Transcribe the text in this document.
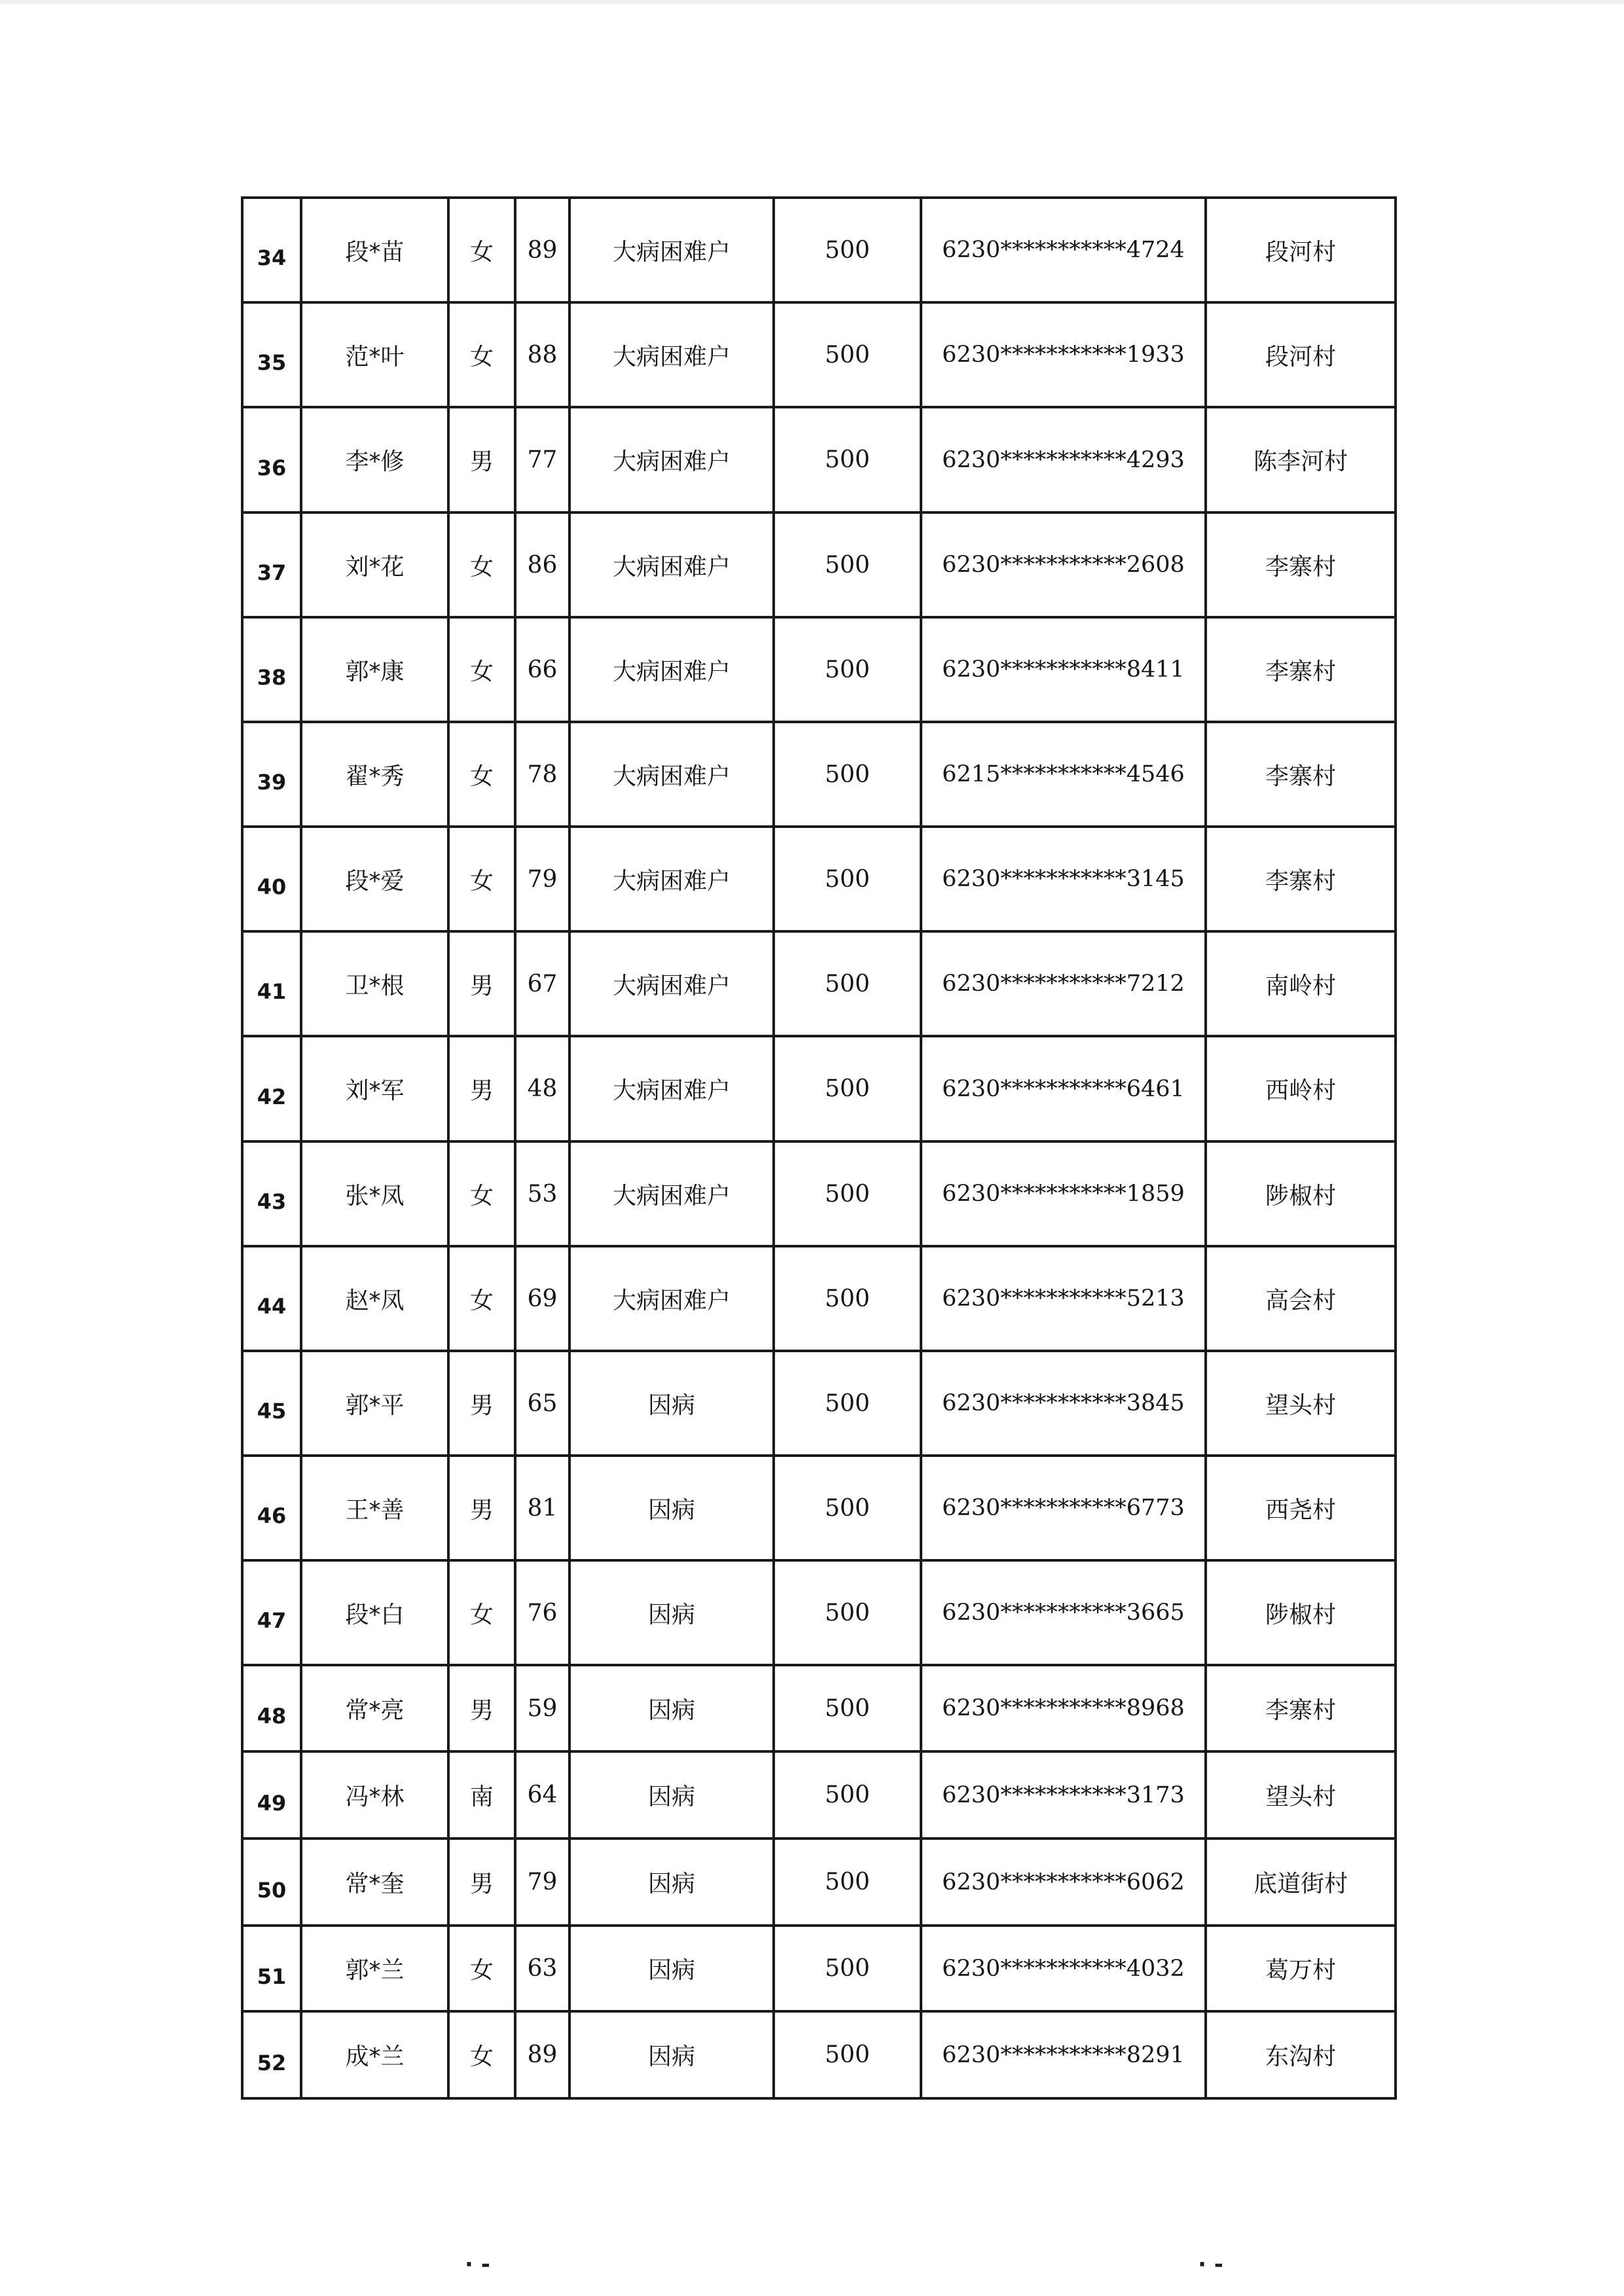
34	段*苗	女	89	大病困难户	500	6230***********4724	段河村
35	范*叶	女	88	大病困难户	500	6230***********1933	段河村
36	李*修	男	77	大病困难户	500	6230***********4293	陈李河村
37	刘*花	女	86	大病困难户	500	6230***********2608	李寨村
38	郭*康	女	66	大病困难户	500	6230***********8411	李寨村
39	翟*秀	女	78	大病困难户	500	6215***********4546	李寨村
40	段*爱	女	79	大病困难户	500	6230***********3145	李寨村
41	卫*根	男	67	大病困难户	500	6230***********7212	南岭村
42	刘*军	男	48	大病困难户	500	6230***********6461	西岭村
43	张*凤	女	53	大病困难户	500	6230***********1859	陟椒村
44	赵*凤	女	69	大病困难户	500	6230***********5213	高会村
45	郭*平	男	65	因病	500	6230***********3845	望头村
46	王*善	男	81	因病	500	6230***********6773	西尧村
47	段*白	女	76	因病	500	6230***********3665	陟椒村
48	常*亮	男	59	因病	500	6230***********8968	李寨村
49	冯*林	南	64	因病	500	6230***********3173	望头村
50	常*奎	男	79	因病	500	6230***********6062	底道街村
51	郭*兰	女	63	因病	500	6230***********4032	葛万村
52	成*兰	女	89	因病	500	6230***********8291	东沟村
· -	· -
